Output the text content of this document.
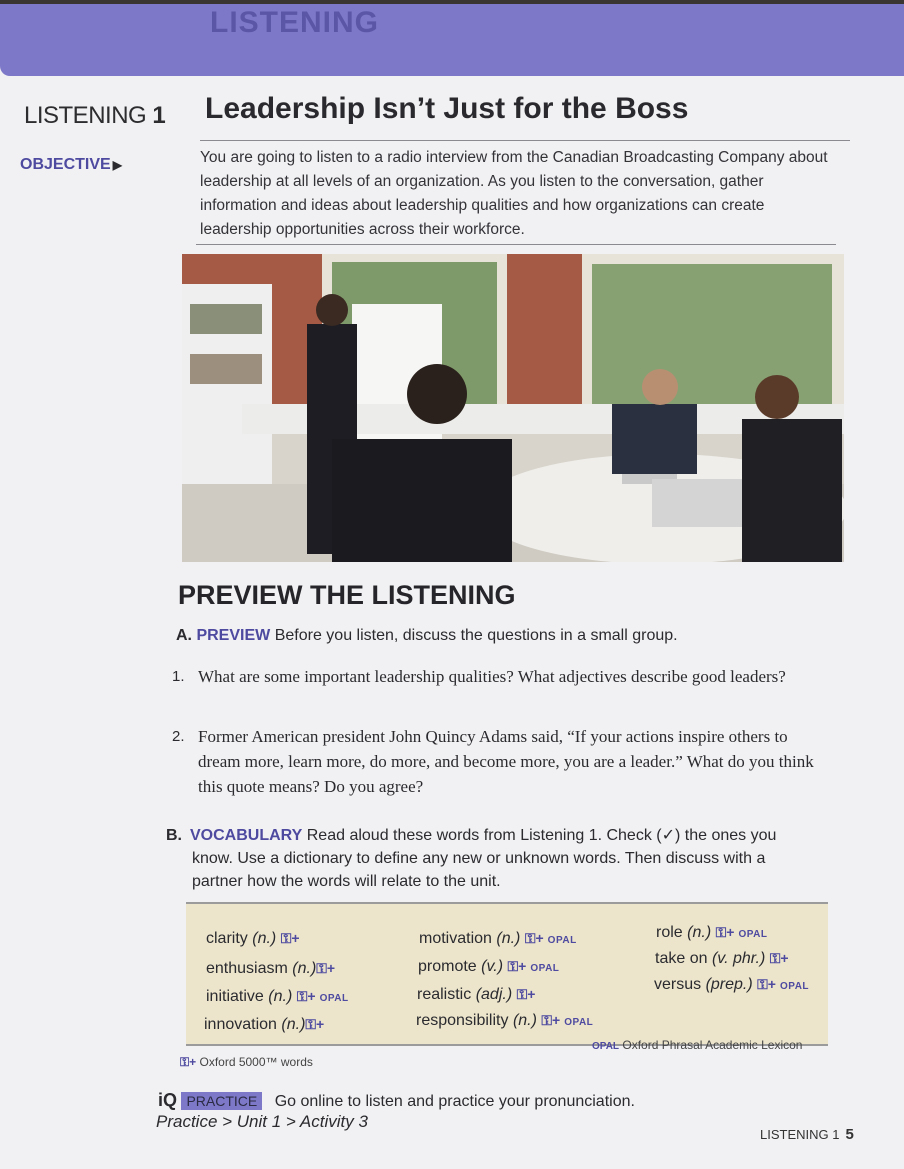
LISTENING
LISTENING 1
OBJECTIVE ▶
Leadership Isn’t Just for the Boss
You are going to listen to a radio interview from the Canadian Broadcasting Company about leadership at all levels of an organization. As you listen to the conversation, gather information and ideas about leadership qualities and how organizations can create leadership opportunities across their workforce.
PREVIEW THE LISTENING
A. PREVIEW Before you listen, discuss the questions in a small group.
1. What are some important leadership qualities? What adjectives describe good leaders?
2. Former American president John Quincy Adams said, “If your actions inspire others to dream more, learn more, do more, and become more, you are a leader.” What do you think this quote means? Do you agree?
B. VOCABULARY Read aloud these words from Listening 1. Check (✓) the ones you know. Use a dictionary to define any new or unknown words. Then discuss with a partner how the words will relate to the unit.
clarity (n.) ⚿+
enthusiasm (n.)⚿+
initiative (n.) ⚿+ OPAL
innovation (n.)⚿+
motivation (n.) ⚿+ OPAL
promote (v.) ⚿+ OPAL
realistic (adj.) ⚿+
responsibility (n.) ⚿+ OPAL
role (n.) ⚿+ OPAL
take on (v. phr.) ⚿+
versus (prep.) ⚿+ OPAL
⚿+ Oxford 5000™ words
OPAL Oxford Phrasal Academic Lexicon
iQ PRACTICE Go online to listen and practice your pronunciation.
Practice > Unit 1 > Activity 3
LISTENING 1 5
